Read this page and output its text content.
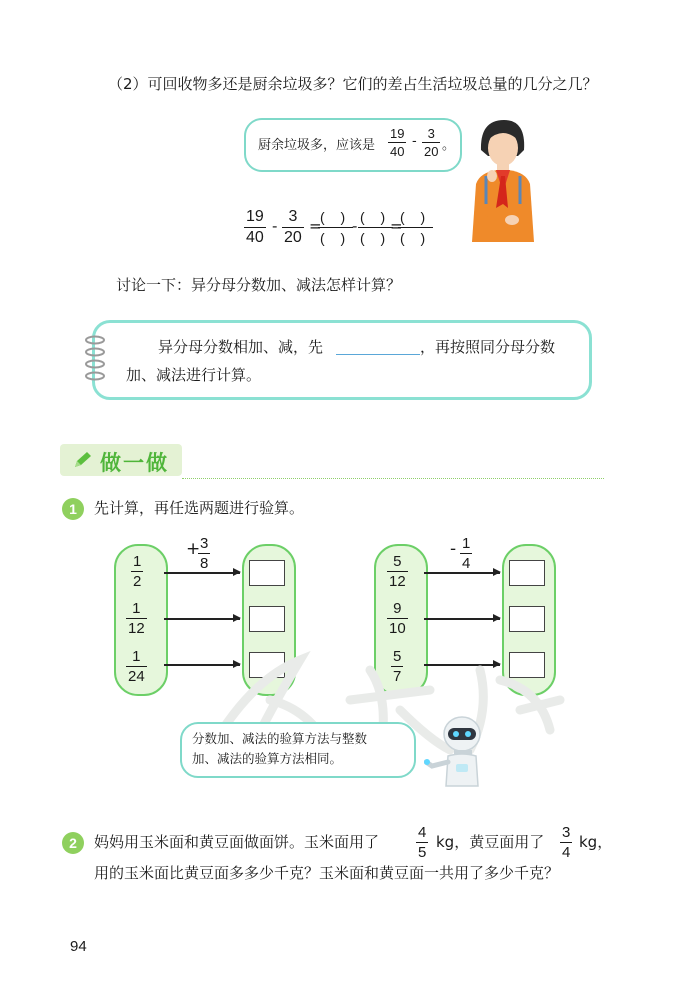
（2）可回收物多还是厨余垃圾多？它们的差占生活垃圾总量的几分之几？
厨余垃圾多，应该是
19
40
-
3
20 。
19
40
-
3
20
=
( )
( )
- ( )
( )
=
( )
( )
讨论一下：异分母分数加、减法怎样计算？
异分母分数相加、减，先	，再按照同分母分数
加、减法进行计算。
做一做
1	先计算，再任选两题进行验算。
1
2
1
12
1
24
+ 3
8	5
12
9
10
5
7
- 1
4
分数加、减法的验算方法与整数
加、减法的验算方法相同。
2	妈妈用玉米面和黄豆面做面饼。玉米面用了
4
5
kg，黄豆面用了
3
4
kg，
用的玉米面比黄豆面多多少千克？玉米面和黄豆面一共用了多少千克？
94
